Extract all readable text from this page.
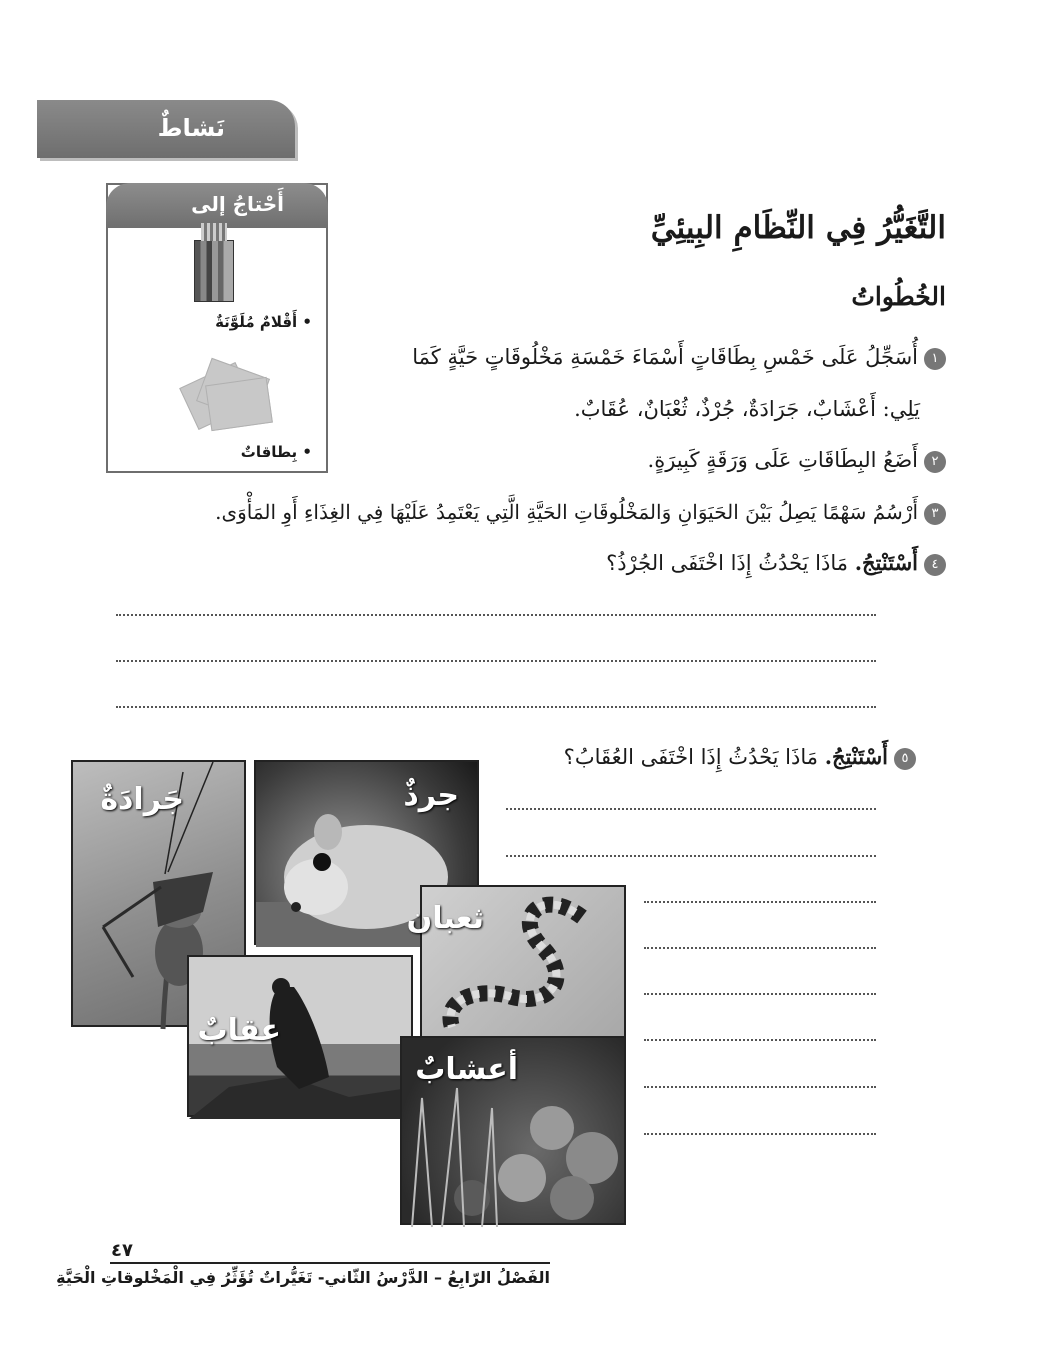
نَشاطٌ
أَحْتاجُ إلى
• أَقْلامٌ مُلَوَّنَةٌ
• بِطاقاتٌ
التَّغَيُّرُ فِي النِّظَامِ البِيئِيِّ
الخُطُواتُ
١أُسَجِّلُ عَلَى خَمْسِ بِطَاقَاتٍ أَسْمَاءَ خَمْسَةِ مَخْلُوقَاتٍ حَيَّةٍ كَمَا
يَلِي: أَعْشَابٌ، جَرَادَةٌ، جُرْذٌ، ثُعْبَانٌ، عُقَابٌ.
٢أَضَعُ البِطَاقَاتِ عَلَى وَرَقَةٍ كَبِيرَةٍ.
٣أَرْسُمُ سَهْمًا يَصِلُ بَيْنَ الحَيَوَانِ وَالمَخْلُوقَاتِ الحَيَّةِ الَّتِي يَعْتَمِدُ عَلَيْهَا فِي الغِذَاءِ أَوِ المَأْوَى.
٤أَسْتَنْتِجُ. مَاذَا يَحْدُثُ إِذَا اخْتَفَى الجُرْذُ؟
٥أَسْتَنْتِجُ. مَاذَا يَحْدُثُ إِذَا اخْتَفَى العُقَابُ؟
جَرادَةٌ	جرذٌ
ثعبان
عقابٌ
أعشابٌ
٤٧
الفَصْلُ الرّابِعُ – الدَّرْسُ الثّاني- تَغَيُّراتٌ تُؤَثِّرُ فِي الْمَخْلوقاتِ الْحَيَّةِ
